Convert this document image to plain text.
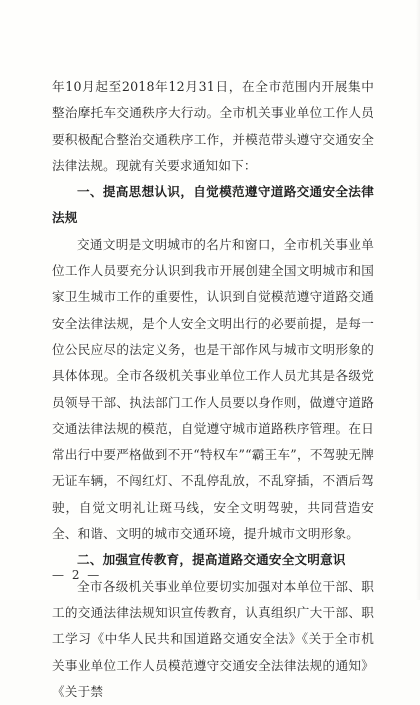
年10月起至2018年12月31日，在全市范围内开展集中整治摩托车交通秩序大行动。全市机关事业单位工作人员要积极配合整治交通秩序工作，并模范带头遵守交通安全法律法规。现就有关要求通知如下：

一、提高思想认识，自觉模范遵守道路交通安全法律法规

交通文明是文明城市的名片和窗口，全市机关事业单位工作人员要充分认识到我市开展创建全国文明城市和国家卫生城市工作的重要性，认识到自觉模范遵守道路交通安全法律法规，是个人安全文明出行的必要前提，是每一位公民应尽的法定义务，也是干部作风与城市文明形象的具体体现。全市各级机关事业单位工作人员尤其是各级党员领导干部、执法部门工作人员要以身作则，做遵守道路交通法律法规的模范，自觉遵守城市道路秩序管理。在日常出行中要严格做到不开“特权车”“霸王车”，不驾驶无牌无证车辆，不闯红灯、不乱停乱放，不乱穿插，不酒后驾驶，自觉文明礼让斑马线，安全文明驾驶，共同营造安全、和谐、文明的城市交通环境，提升城市文明形象。

二、加强宣传教育，提高道路交通安全文明意识

全市各级机关事业单位要切实加强对本单位干部、职工的交通法律法规知识宣传教育，认真组织广大干部、职工学习《中华人民共和国道路交通安全法》《关于全市机关事业单位工作人员模范遵守交通安全法律法规的通知》《关于禁

— 2 —
